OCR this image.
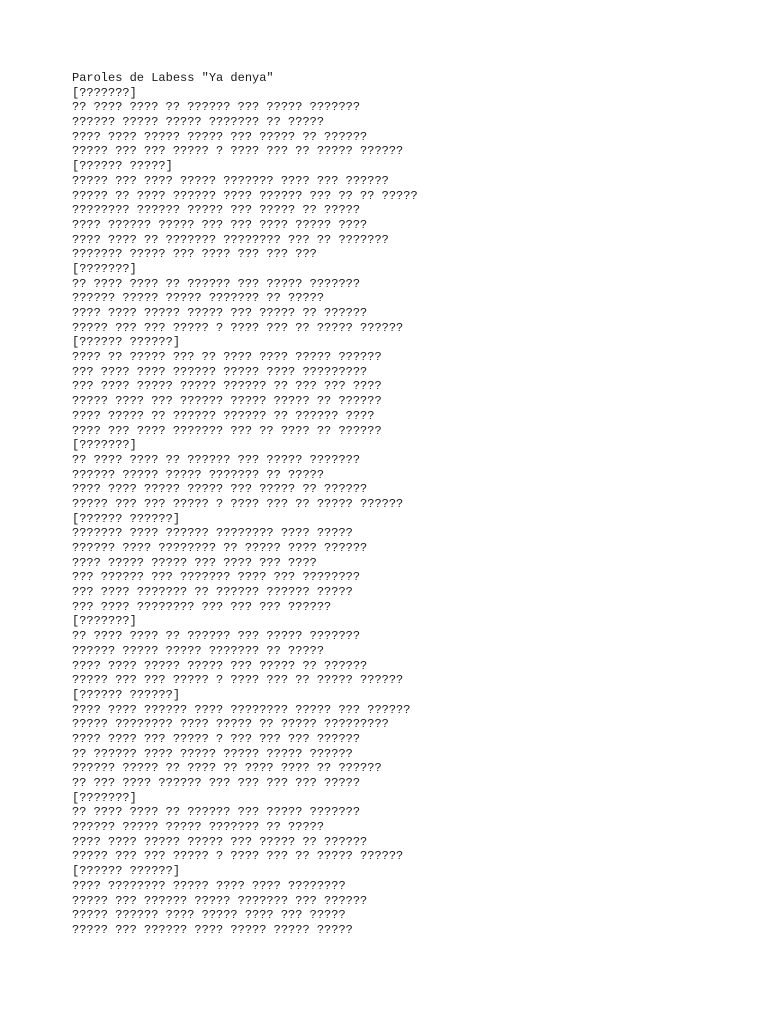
Paroles de Labess "Ya denya"
[???????]
?? ???? ???? ?? ?????? ??? ????? ???????
?????? ????? ????? ??????? ?? ?????
???? ???? ????? ????? ??? ????? ?? ??????
????? ??? ??? ????? ? ???? ??? ?? ????? ??????
[?????? ?????]
????? ??? ???? ????? ??????? ???? ??? ??????
????? ?? ???? ?????? ???? ?????? ??? ?? ?? ?????
???????? ?????? ????? ??? ????? ?? ?????
???? ?????? ????? ??? ??? ???? ????? ????
???? ???? ?? ??????? ???????? ??? ?? ???????
??????? ????? ??? ???? ??? ??? ???
[???????]
?? ???? ???? ?? ?????? ??? ????? ???????
?????? ????? ????? ??????? ?? ?????
???? ???? ????? ????? ??? ????? ?? ??????
????? ??? ??? ????? ? ???? ??? ?? ????? ??????
[?????? ??????]
???? ?? ????? ??? ?? ???? ???? ????? ??????
??? ???? ???? ?????? ????? ???? ?????????
??? ???? ????? ????? ?????? ?? ??? ??? ????
????? ???? ??? ?????? ????? ????? ?? ??????
???? ????? ?? ?????? ?????? ?? ?????? ????
???? ??? ???? ??????? ??? ?? ???? ?? ??????
[???????]
?? ???? ???? ?? ?????? ??? ????? ???????
?????? ????? ????? ??????? ?? ?????
???? ???? ????? ????? ??? ????? ?? ??????
????? ??? ??? ????? ? ???? ??? ?? ????? ??????
[?????? ??????]
??????? ???? ?????? ???????? ???? ?????
?????? ???? ???????? ?? ????? ???? ??????
???? ????? ????? ??? ???? ??? ????
??? ?????? ??? ??????? ???? ??? ????????
??? ???? ??????? ?? ?????? ?????? ?????
??? ???? ???????? ??? ??? ??? ??????
[???????]
?? ???? ???? ?? ?????? ??? ????? ???????
?????? ????? ????? ??????? ?? ?????
???? ???? ????? ????? ??? ????? ?? ??????
????? ??? ??? ????? ? ???? ??? ?? ????? ??????
[?????? ??????]
???? ???? ?????? ???? ???????? ????? ??? ??????
????? ???????? ???? ????? ?? ????? ?????????
???? ???? ??? ????? ? ??? ??? ??? ??????
?? ?????? ???? ????? ????? ????? ??????
?????? ????? ?? ???? ?? ???? ???? ?? ??????
?? ??? ???? ?????? ??? ??? ??? ??? ?????
[???????]
?? ???? ???? ?? ?????? ??? ????? ???????
?????? ????? ????? ??????? ?? ?????
???? ???? ????? ????? ??? ????? ?? ??????
????? ??? ??? ????? ? ???? ??? ?? ????? ??????
[?????? ??????]
???? ???????? ????? ???? ???? ????????
????? ??? ?????? ????? ??????? ??? ??????
????? ?????? ???? ????? ???? ??? ?????
????? ??? ?????? ???? ????? ????? ?????
